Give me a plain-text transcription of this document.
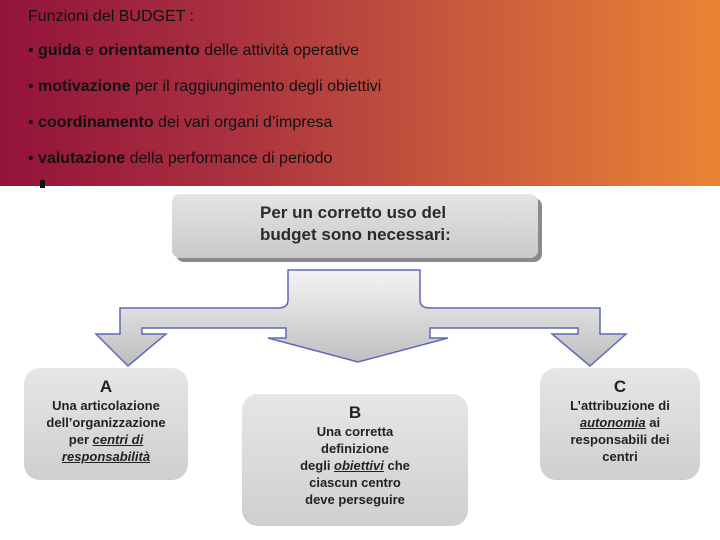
Funzioni del BUDGET :
• guida e orientamento delle attività operative
• motivazione per il raggiungimento degli obiettivi
• coordinamento dei vari organi d’impresa
• valutazione della performance di periodo
Per un corretto uso del
budget sono necessari:
A
Una articolazione
dell’organizzazione
per centri di
responsabilità
B
Una corretta
definizione
degli obiettivi che
ciascun centro
deve perseguire
C
L’attribuzione di
autonomia ai
responsabili dei
centri
